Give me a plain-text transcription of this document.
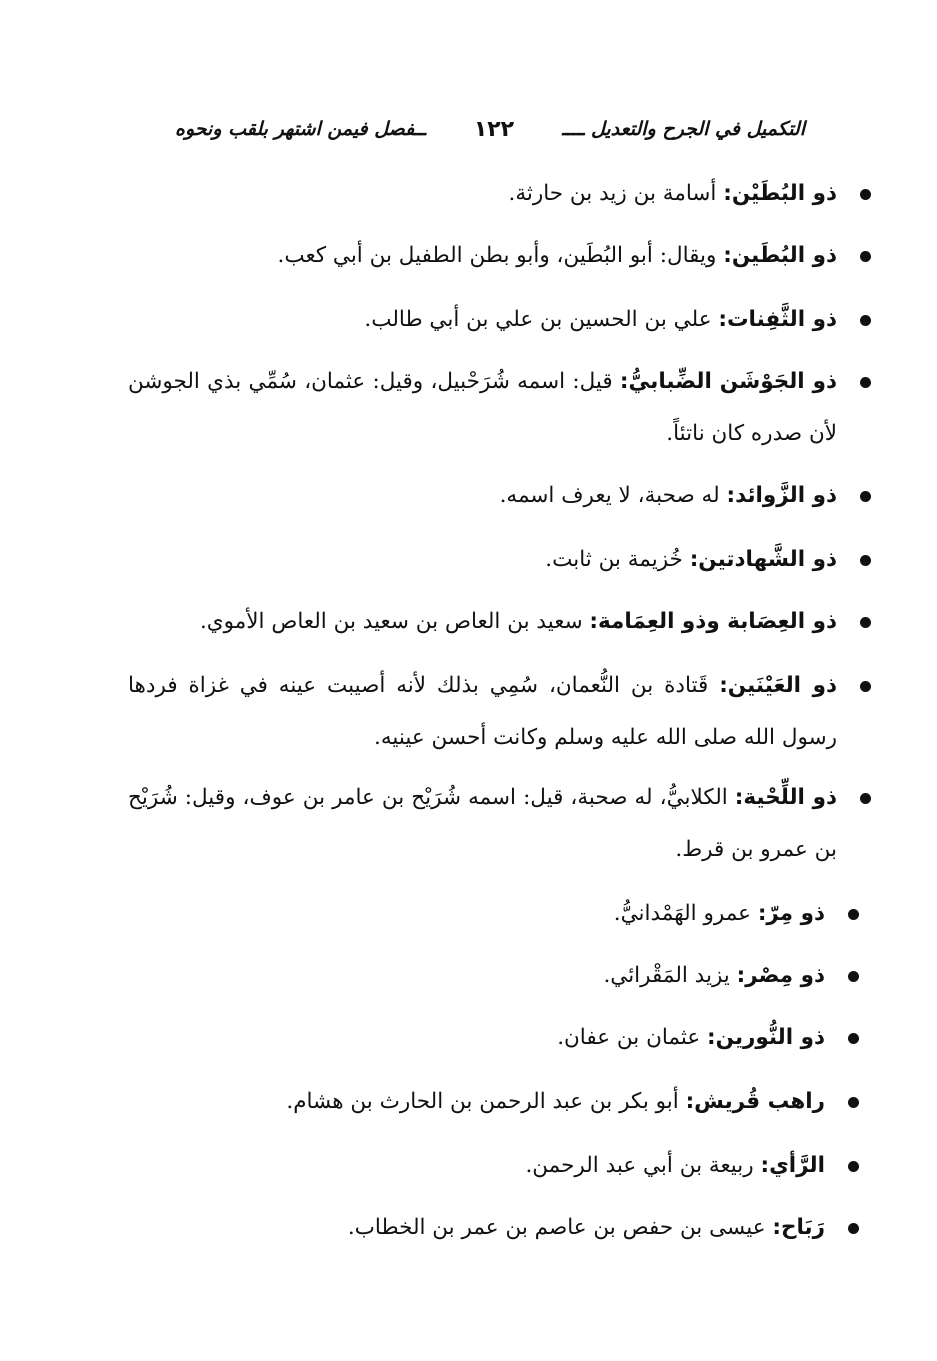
التكميل في الجرح والتعديل ــــ
١٢٢
ــفصل فيمن اشتهر بلقب ونحوه
ذو البُطَيْن: أسامة بن زيد بن حارثة.
ذو البُطَين: ويقال: أبو البُطَين، وأبو بطن الطفيل بن أبي كعب.
ذو الثَّفِنات: علي بن الحسين بن علي بن أبي طالب.
ذو الجَوْشَن الضِّبابيُّ: قيل: اسمه شُرَحْبيل، وقيل: عثمان، سُمِّي بذي الجوشن لأن صدره كان ناتئاً.
ذو الزَّوائد: له صحبة، لا يعرف اسمه.
ذو الشَّهادتين: خُزيمة بن ثابت.
ذو العِصَابة وذو العِمَامة: سعيد بن العاص بن سعيد بن العاص الأموي.
ذو العَيْنَين: قَتادة بن النُّعمان، سُمِي بذلك لأنه أصيبت عينه في غزاة فردها رسول الله صلى الله عليه وسلم وكانت أحسن عينيه.
ذو اللِّحْية: الكلابيُّ، له صحبة، قيل: اسمه شُرَيْح بن عامر بن عوف، وقيل: شُرَيْح بن عمرو بن قرط.
ذو مِرّ: عمرو الهَمْدانيُّ.
ذو مِصْر: يزيد المَقْرائي.
ذو النُّورين: عثمان بن عفان.
راهب قُريش: أبو بكر بن عبد الرحمن بن الحارث بن هشام.
الرَّأي: ربيعة بن أبي عبد الرحمن.
رَبَاح: عيسى بن حفص بن عاصم بن عمر بن الخطاب.
